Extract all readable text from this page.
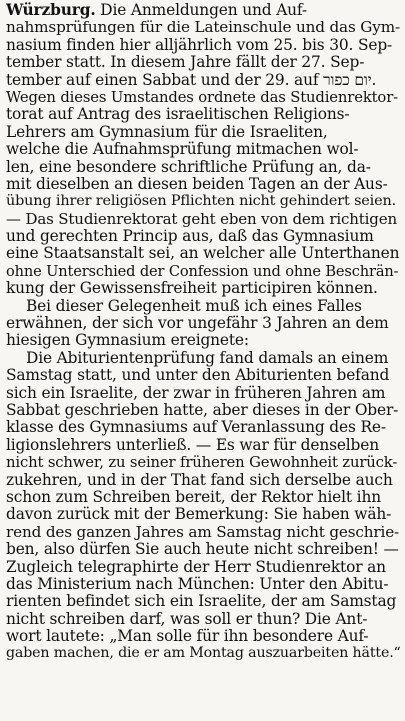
Würzburg. Die Anmeldungen und Auf-
nahmsprüfungen für die Lateinschule und das Gym-
nasium finden hier alljährlich vom 25. bis 30. Sep-
tember statt. In diesem Jahre fällt der 27. Sep-
tember auf einen Sabbat und der 29. auf יום כפור.
Wegen dieses Umstandes ordnete das Studienrektor-
torat auf Antrag des israelitischen Religions-
Lehrers am Gymnasium für die Israeliten,
welche die Aufnahmsprüfung mitmachen wol-
len, eine besondere schriftliche Prüfung an, da-
mit dieselben an diesen beiden Tagen an der Aus-
übung ihrer religiösen Pflichten nicht gehindert seien.
— Das Studienrektorat geht eben von dem richtigen
und gerechten Princip aus, daß das Gymnasium
eine Staatsanstalt sei, an welcher alle Unterthanen
ohne Unterschied der Confession und ohne Beschrän-
kung der Gewissensfreiheit participiren können.
Bei dieser Gelegenheit muß ich eines Falles
erwähnen, der sich vor ungefähr 3 Jahren an dem
hiesigen Gymnasium ereignete:
Die Abiturientenprüfung fand damals an einem
Samstag statt, und unter den Abiturienten befand
sich ein Israelite, der zwar in früheren Jahren am
Sabbat geschrieben hatte, aber dieses in der Ober-
klasse des Gymnasiums auf Veranlassung des Re-
ligionslehrers unterließ. — Es war für denselben
nicht schwer, zu seiner früheren Gewohnheit zurück-
zukehren, und in der That fand sich derselbe auch
schon zum Schreiben bereit, der Rektor hielt ihn
davon zurück mit der Bemerkung: Sie haben wäh-
rend des ganzen Jahres am Samstag nicht geschrie-
ben, also dürfen Sie auch heute nicht schreiben! —
Zugleich telegraphirte der Herr Studienrektor an
das Ministerium nach München: Unter den Abitu-
rienten befindet sich ein Israelite, der am Samstag
nicht schreiben darf, was soll er thun? Die Ant-
wort lautete: „Man solle für ihn besondere Auf-
gaben machen, die er am Montag auszuarbeiten hätte.“
